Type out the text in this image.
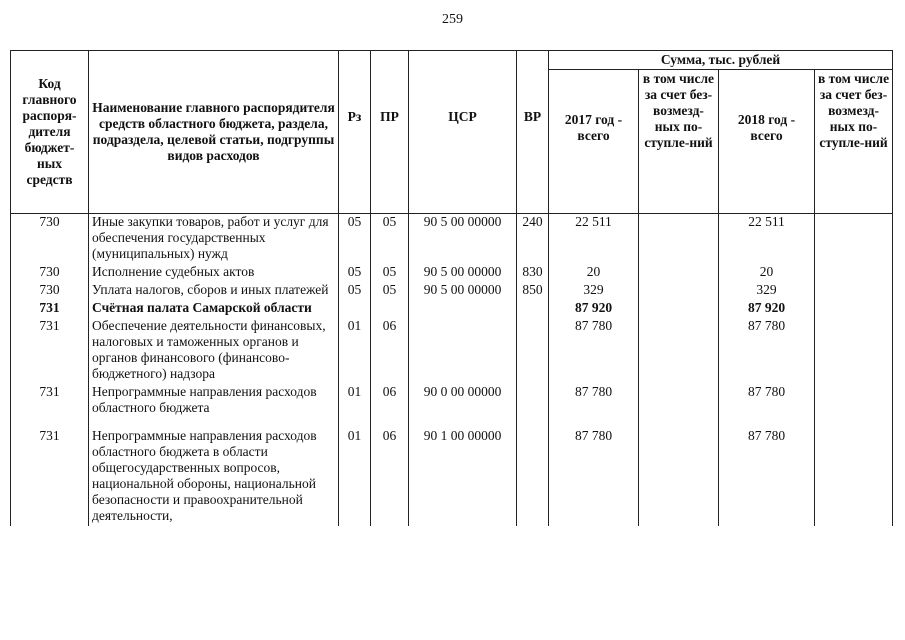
259
Код главного распоря-дителя бюджет-ных средств	Наименование главного распорядителя средств областного бюджета, раздела, подраздела, целевой статьи, подгруппы видов расходов	Рз	ПР	ЦСР	ВР	Сумма, тыс. рублей			
						2017 год - всего	в том числе за счет без-возмезд-ных по-ступле-ний	2018 год - всего	в том числе за счет без-возмезд-ных по-ступле-ний
730	Иные закупки товаров, работ и услуг для обеспечения государственных (муниципальных) нужд	05	05	90 5 00 00000	240	22 511		22 511	
730	Исполнение судебных актов	05	05	90 5 00 00000	830	20		20	
730	Уплата налогов, сборов и иных платежей	05	05	90 5 00 00000	850	329		329	
731	Счётная палата Самарской области					87 920		87 920	
731	Обеспечение деятельности финансовых, налоговых и таможенных органов и органов финансового (финансово-бюджетного) надзора	01	06			87 780		87 780	
731	Непрограммные направления расходов областного бюджета	01	06	90 0 00 00000		87 780		87 780	
731	Непрограммные направления расходов областного бюджета в области общегосударственных вопросов, национальной обороны, национальной безопасности и правоохранительной деятельности,	01	06	90 1 00 00000		87 780		87 780	
